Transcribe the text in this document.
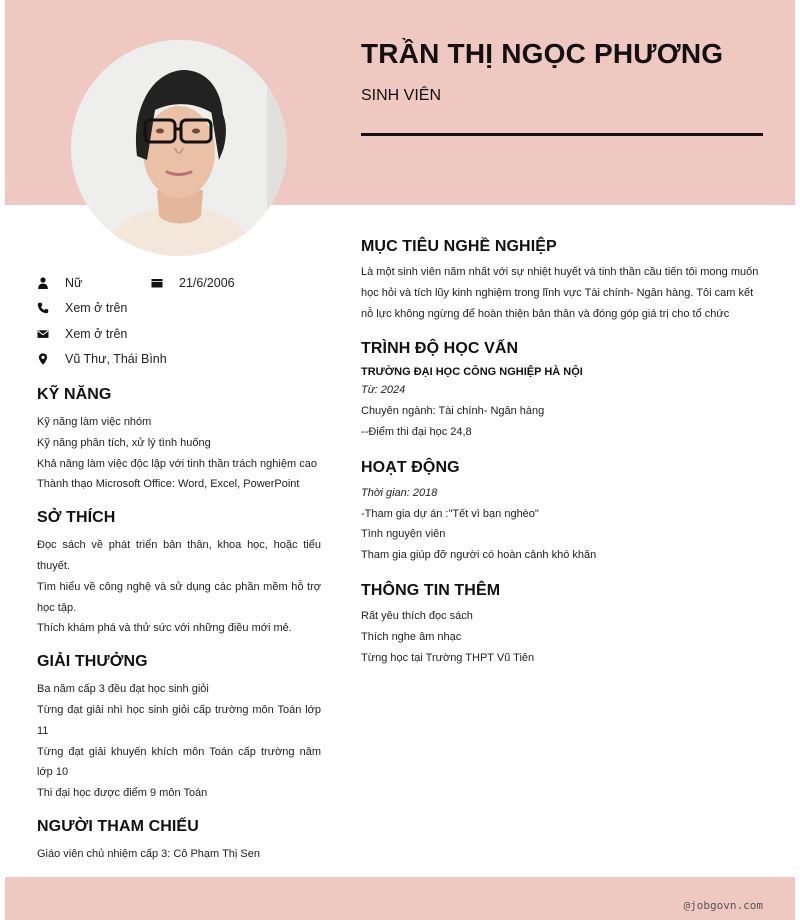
TRẦN THỊ NGỌC PHƯƠNG
SINH VIÊN
Nữ	21/6/2006
Xem ở trên
Xem ở trên
Vũ Thư, Thái Bình
KỸ NĂNG
Kỹ năng làm việc nhóm
Kỹ năng phân tích, xử lý tình huống
Khả năng làm việc độc lập với tinh thần trách nghiệm cao
Thành thạo Microsoft Office: Word, Excel, PowerPoint
SỞ THÍCH
Đọc sách về phát triển bản thân, khoa học, hoặc tiểu thuyết.
Tìm hiểu về công nghệ và sử dụng các phần mềm hỗ trợ học tập.
Thích khám phá và thử sức với những điều mới mẻ.
GIẢI THƯỞNG
Ba năm cấp 3 đều đạt học sinh giỏi
Từng đạt giải nhì học sinh giỏi cấp trường môn Toán lớp 11
Từng đạt giải khuyến khích môn Toán cấp trường năm lớp 10
Thi đại học được điểm 9 môn Toán
NGƯỜI THAM CHIẾU
Giáo viên chủ nhiệm cấp 3: Cô Phạm Thị Sen
MỤC TIÊU NGHỀ NGHIỆP
Là một sinh viên năm nhất với sự nhiệt huyết và tinh thần cầu tiến tôi mong muốn học hỏi và tích lũy kinh nghiệm trong lĩnh vực Tài chính- Ngân hàng. Tôi cam kết nỗ lực không ngừng để hoàn thiện bản thân và đóng góp giá trị cho tổ chức
TRÌNH ĐỘ HỌC VẤN
TRƯỜNG ĐẠI HỌC CÔNG NGHIỆP HÀ NỘI
Từ: 2024
Chuyên ngành: Tài chính- Ngân hàng
--Điểm thi đại học 24,8
HOẠT ĐỘNG
Thời gian: 2018
-Tham gia dự án :"Tết vì bạn nghèo"
Tình nguyện viên
Tham gia giúp đỡ người có hoàn cảnh khó khăn
THÔNG TIN THÊM
Rất yêu thích đọc sách
Thích nghe âm nhạc
Từng học tại Trường THPT Vũ Tiên
@jobgovn.com
